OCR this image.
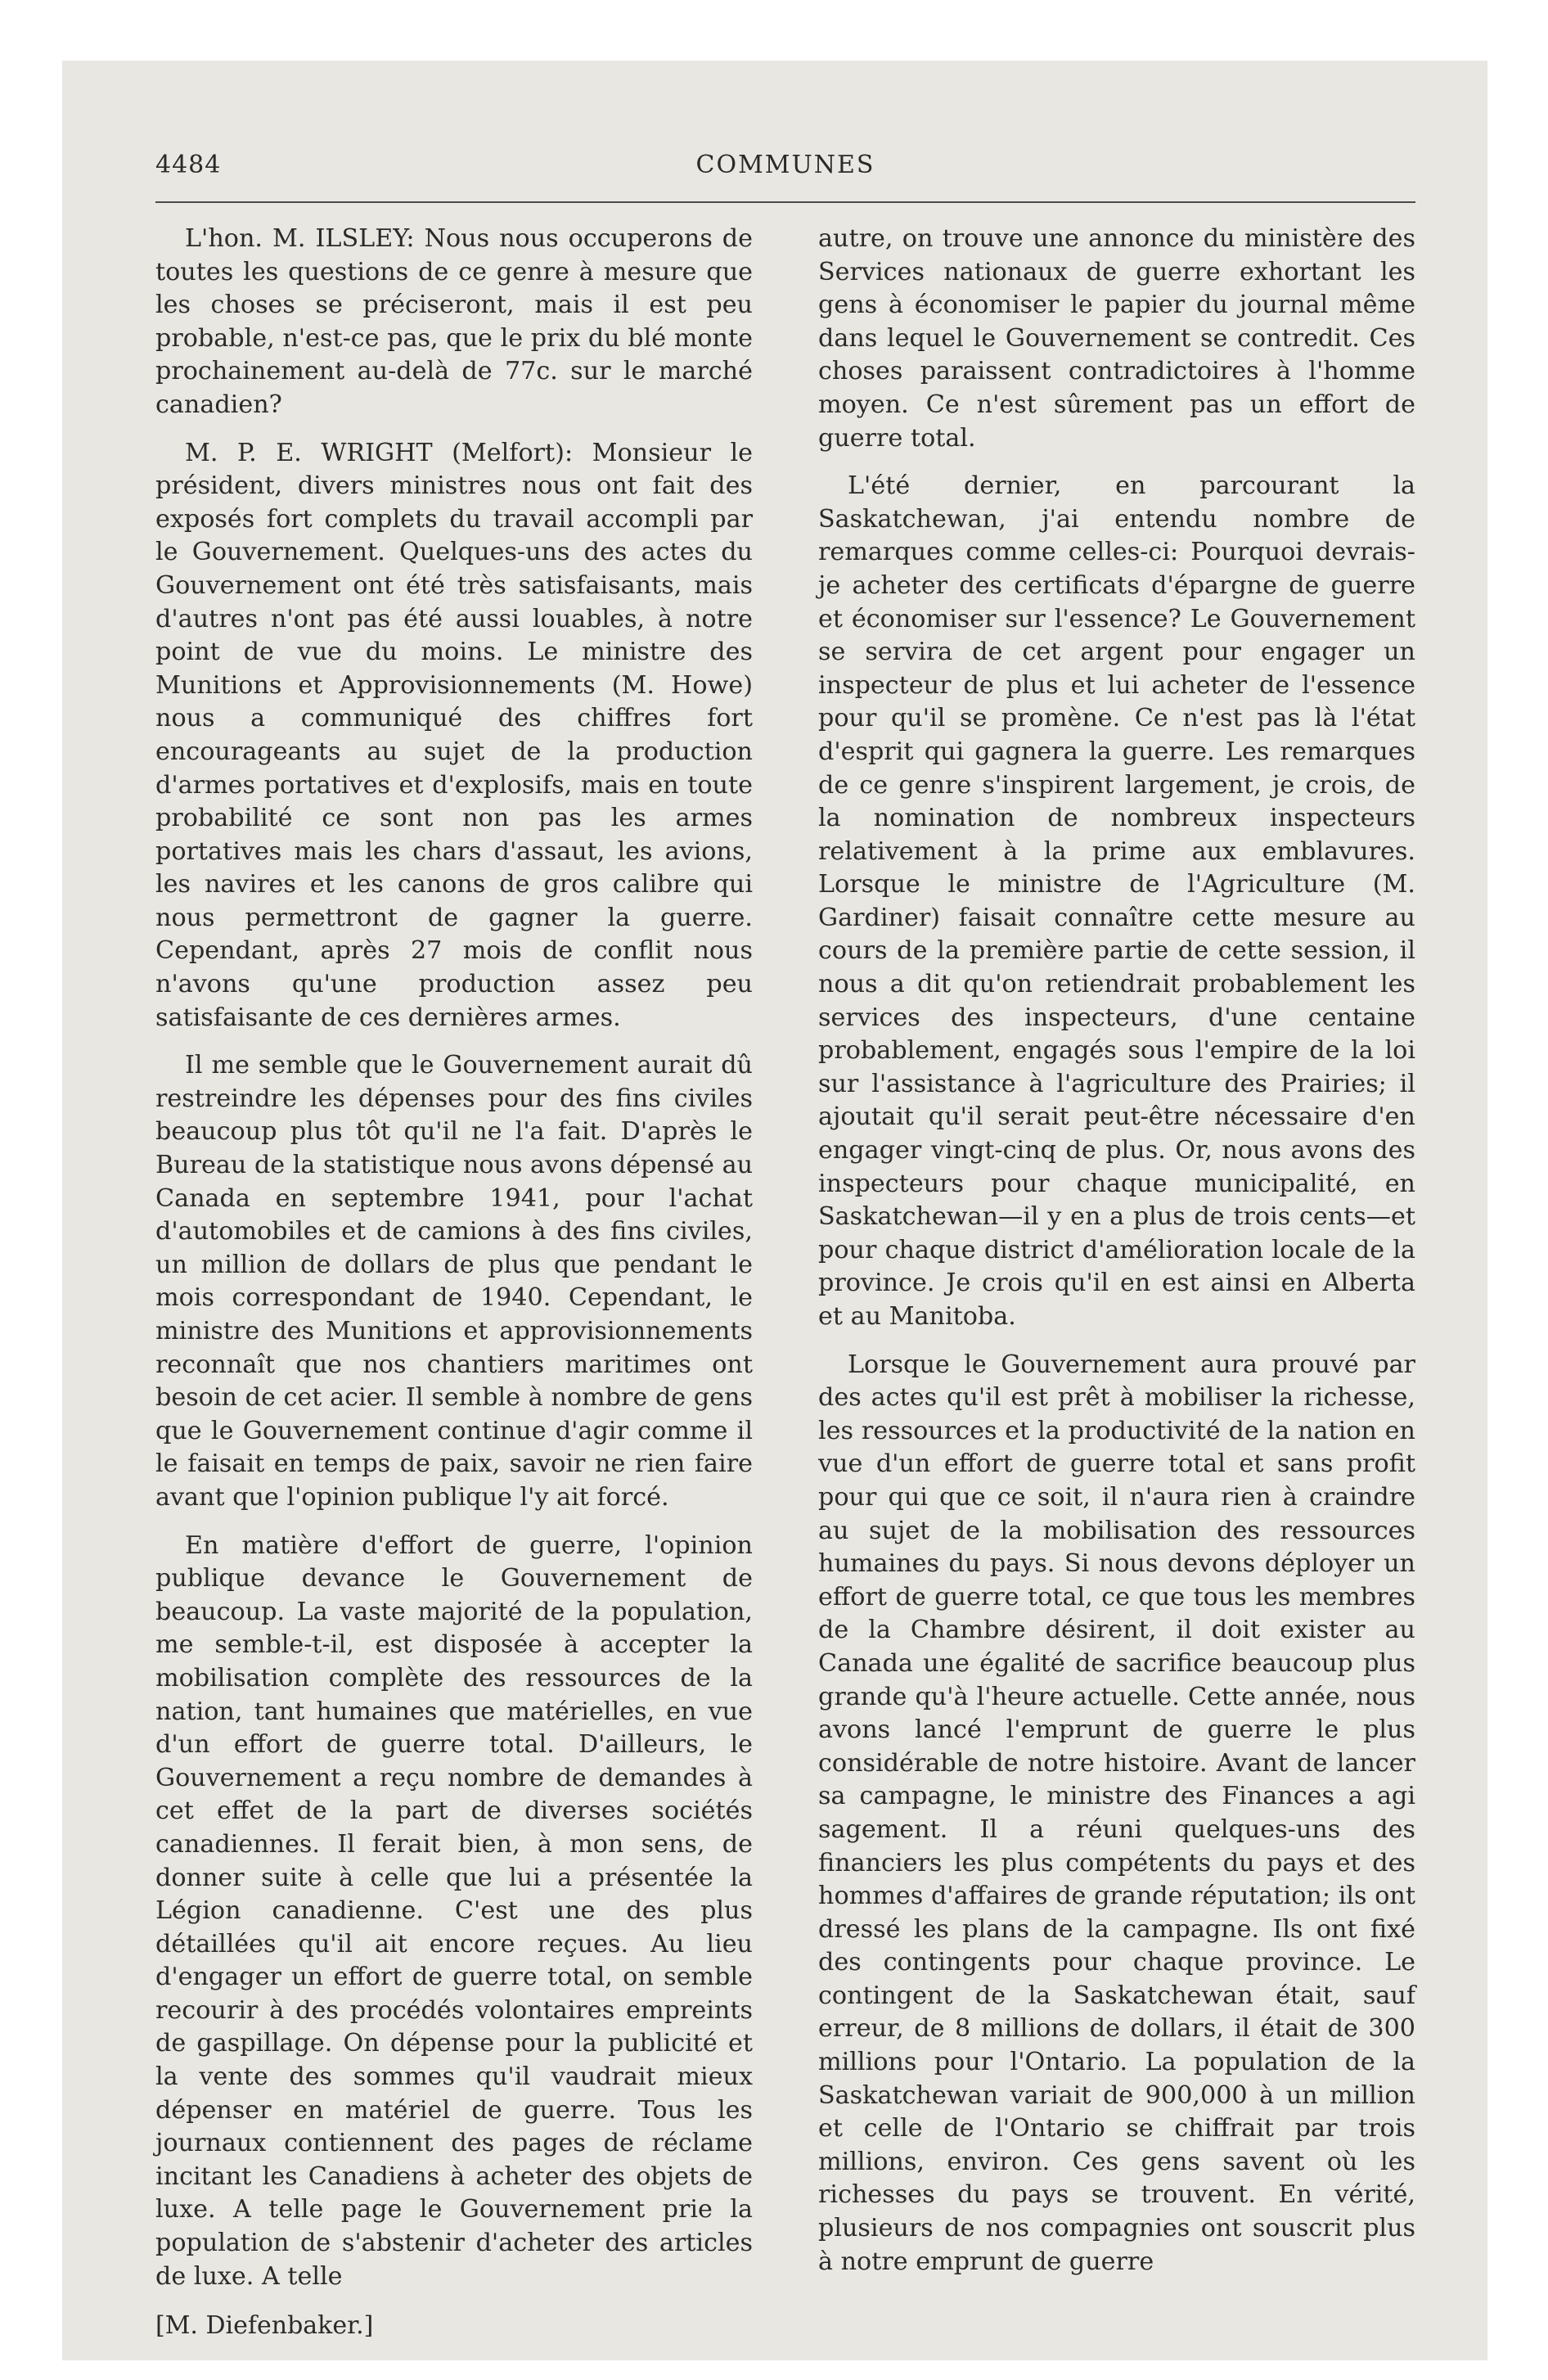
4484	COMMUNES

L'hon. M. ILSLEY: Nous nous occuperons de toutes les questions de ce genre à mesure que les choses se préciseront, mais il est peu probable, n'est-ce pas, que le prix du blé monte prochainement au-delà de 77c. sur le marché canadien?

M. P. E. WRIGHT (Melfort): Monsieur le président, divers ministres nous ont fait des exposés fort complets du travail accompli par le Gouvernement. Quelques-uns des actes du Gouvernement ont été très satisfaisants, mais d'autres n'ont pas été aussi louables, à notre point de vue du moins. Le ministre des Munitions et Approvisionnements (M. Howe) nous a communiqué des chiffres fort encourageants au sujet de la production d'armes portatives et d'explosifs, mais en toute probabilité ce sont non pas les armes portatives mais les chars d'assaut, les avions, les navires et les canons de gros calibre qui nous permettront de gagner la guerre. Cependant, après 27 mois de conflit nous n'avons qu'une production assez peu satisfaisante de ces dernières armes.

Il me semble que le Gouvernement aurait dû restreindre les dépenses pour des fins civiles beaucoup plus tôt qu'il ne l'a fait. D'après le Bureau de la statistique nous avons dépensé au Canada en septembre 1941, pour l'achat d'automobiles et de camions à des fins civiles, un million de dollars de plus que pendant le mois correspondant de 1940. Cependant, le ministre des Munitions et approvisionnements reconnaît que nos chantiers maritimes ont besoin de cet acier. Il semble à nombre de gens que le Gouvernement continue d'agir comme il le faisait en temps de paix, savoir ne rien faire avant que l'opinion publique l'y ait forcé.

En matière d'effort de guerre, l'opinion publique devance le Gouvernement de beaucoup. La vaste majorité de la population, me semble-t-il, est disposée à accepter la mobilisation complète des ressources de la nation, tant humaines que matérielles, en vue d'un effort de guerre total. D'ailleurs, le Gouvernement a reçu nombre de demandes à cet effet de la part de diverses sociétés canadiennes. Il ferait bien, à mon sens, de donner suite à celle que lui a présentée la Légion canadienne. C'est une des plus détaillées qu'il ait encore reçues. Au lieu d'engager un effort de guerre total, on semble recourir à des procédés volontaires empreints de gaspillage. On dépense pour la publicité et la vente des sommes qu'il vaudrait mieux dépenser en matériel de guerre. Tous les journaux contiennent des pages de réclame incitant les Canadiens à acheter des objets de luxe. A telle page le Gouvernement prie la population de s'abstenir d'acheter des articles de luxe. A telle

[M. Diefenbaker.]

autre, on trouve une annonce du ministère des Services nationaux de guerre exhortant les gens à économiser le papier du journal même dans lequel le Gouvernement se contredit. Ces choses paraissent contradictoires à l'homme moyen. Ce n'est sûrement pas un effort de guerre total.

L'été dernier, en parcourant la Saskatchewan, j'ai entendu nombre de remarques comme celles-ci: Pourquoi devrais-je acheter des certificats d'épargne de guerre et économiser sur l'essence? Le Gouvernement se servira de cet argent pour engager un inspecteur de plus et lui acheter de l'essence pour qu'il se promène. Ce n'est pas là l'état d'esprit qui gagnera la guerre. Les remarques de ce genre s'inspirent largement, je crois, de la nomination de nombreux inspecteurs relativement à la prime aux emblavures. Lorsque le ministre de l'Agriculture (M. Gardiner) faisait connaître cette mesure au cours de la première partie de cette session, il nous a dit qu'on retiendrait probablement les services des inspecteurs, d'une centaine probablement, engagés sous l'empire de la loi sur l'assistance à l'agriculture des Prairies; il ajoutait qu'il serait peut-être nécessaire d'en engager vingt-cinq de plus. Or, nous avons des inspecteurs pour chaque municipalité, en Saskatchewan—il y en a plus de trois cents—et pour chaque district d'amélioration locale de la province. Je crois qu'il en est ainsi en Alberta et au Manitoba.

Lorsque le Gouvernement aura prouvé par des actes qu'il est prêt à mobiliser la richesse, les ressources et la productivité de la nation en vue d'un effort de guerre total et sans profit pour qui que ce soit, il n'aura rien à craindre au sujet de la mobilisation des ressources humaines du pays. Si nous devons déployer un effort de guerre total, ce que tous les membres de la Chambre désirent, il doit exister au Canada une égalité de sacrifice beaucoup plus grande qu'à l'heure actuelle. Cette année, nous avons lancé l'emprunt de guerre le plus considérable de notre histoire. Avant de lancer sa campagne, le ministre des Finances a agi sagement. Il a réuni quelques-uns des financiers les plus compétents du pays et des hommes d'affaires de grande réputation; ils ont dressé les plans de la campagne. Ils ont fixé des contingents pour chaque province. Le contingent de la Saskatchewan était, sauf erreur, de 8 millions de dollars, il était de 300 millions pour l'Ontario. La population de la Saskatchewan variait de 900,000 à un million et celle de l'Ontario se chiffrait par trois millions, environ. Ces gens savent où les richesses du pays se trouvent. En vérité, plusieurs de nos compagnies ont souscrit plus à notre emprunt de guerre
